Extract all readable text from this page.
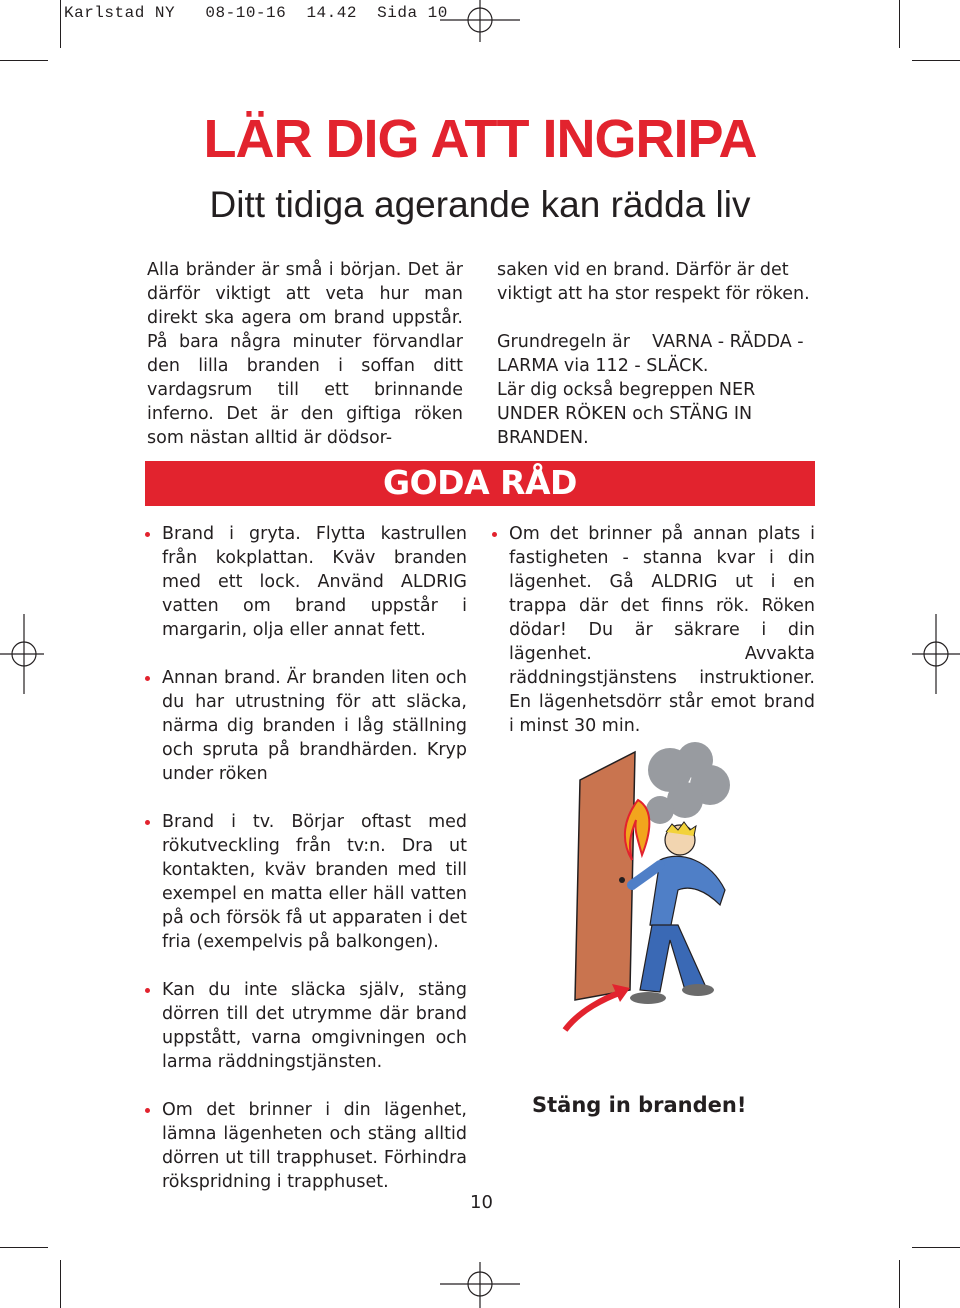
Karlstad NY   08-10-16  14.42  Sida 10
LÄR DIG ATT INGRIPA
Ditt tidiga agerande kan rädda liv

Alla bränder är små i början. Det är därför viktigt att veta hur man direkt ska agera om brand uppstår. På bara några minuter förvandlar den lilla branden i soffan ditt vardagsrum till ett brinnande inferno. Det är den giftiga röken som nästan alltid är dödsor-

saken vid en brand. Därför är det viktigt att ha stor respekt för röken.

Grundregeln är    VARNA - RÄDDA - LARMA via 112 - SLÄCK.

Lär dig också begreppen NER UNDER RÖKEN och STÄNG IN BRANDEN.

GODA RÅD
Brand i gryta. Flytta kastrullen från kokplattan. Kväv branden med ett lock. Använd ALDRIG vatten om brand uppstår i margarin, olja eller annat fett.
Annan brand. Är branden liten och du har utrustning för att släcka, närma dig branden i låg ställning och spruta på brandhärden. Kryp under röken
Brand i tv. Börjar oftast med rökutveckling från tv:n. Dra ut kontakten, kväv branden med till exempel en matta eller häll vatten på och försök få ut apparaten i det fria (exempelvis på balkongen).
Kan du inte släcka själv, stäng dörren till det utrymme där brand uppstått, varna omgivningen och larma räddningstjänsten.
Om det brinner i din lägenhet, lämna lägenheten och stäng alltid dörren ut till trapphuset. Förhindra rökspridning i trapphuset.
Om det brinner på annan plats i fastigheten - stanna kvar i din lägenhet. Gå ALDRIG ut i en trappa där det finns rök. Röken dödar! Du är säkrare i din lägenhet. Avvakta räddningstjänstens instruktioner. En lägenhetsdörr står emot brand i minst 30 min.
Stäng in branden!
10
